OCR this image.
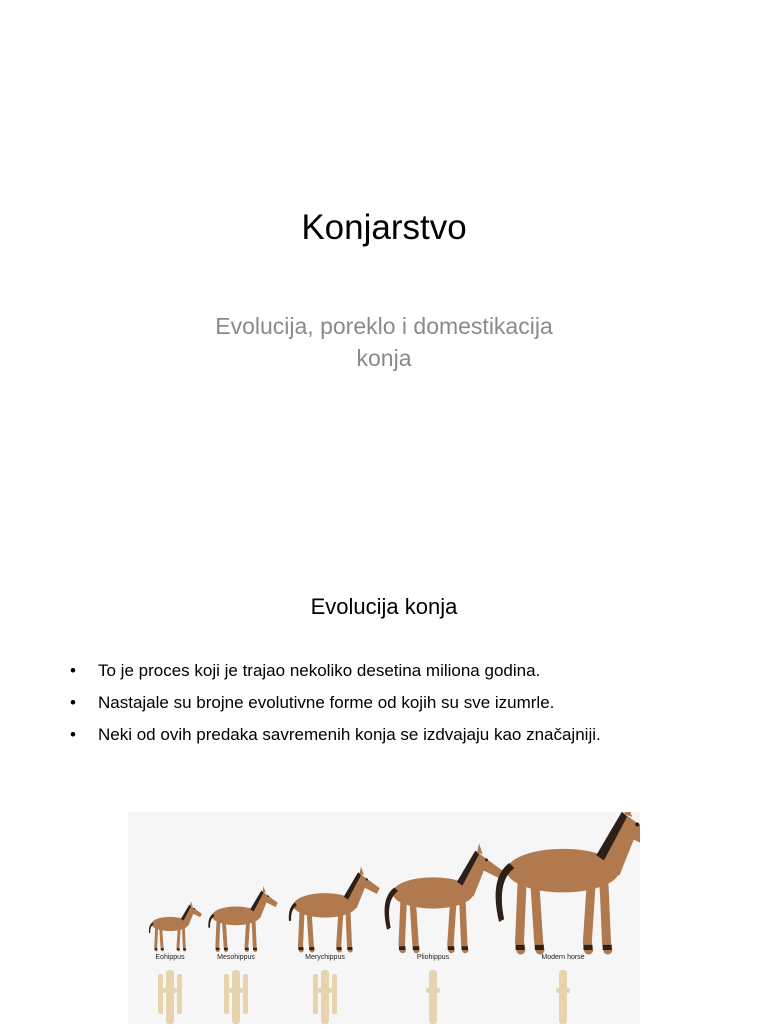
Konjarstvo
Evolucija, poreklo i domestikacija
konja
Evolucija konja
• To je proces koji je trajao nekoliko desetina miliona godina.
• Nastajale su brojne evolutivne forme od kojih su sve izumrle.
• Neki od ovih predaka savremenih konja se izdvajaju kao značajniji.
Eohippus	Mesohippus	Merychippus	Pliohippus	Modern horse
